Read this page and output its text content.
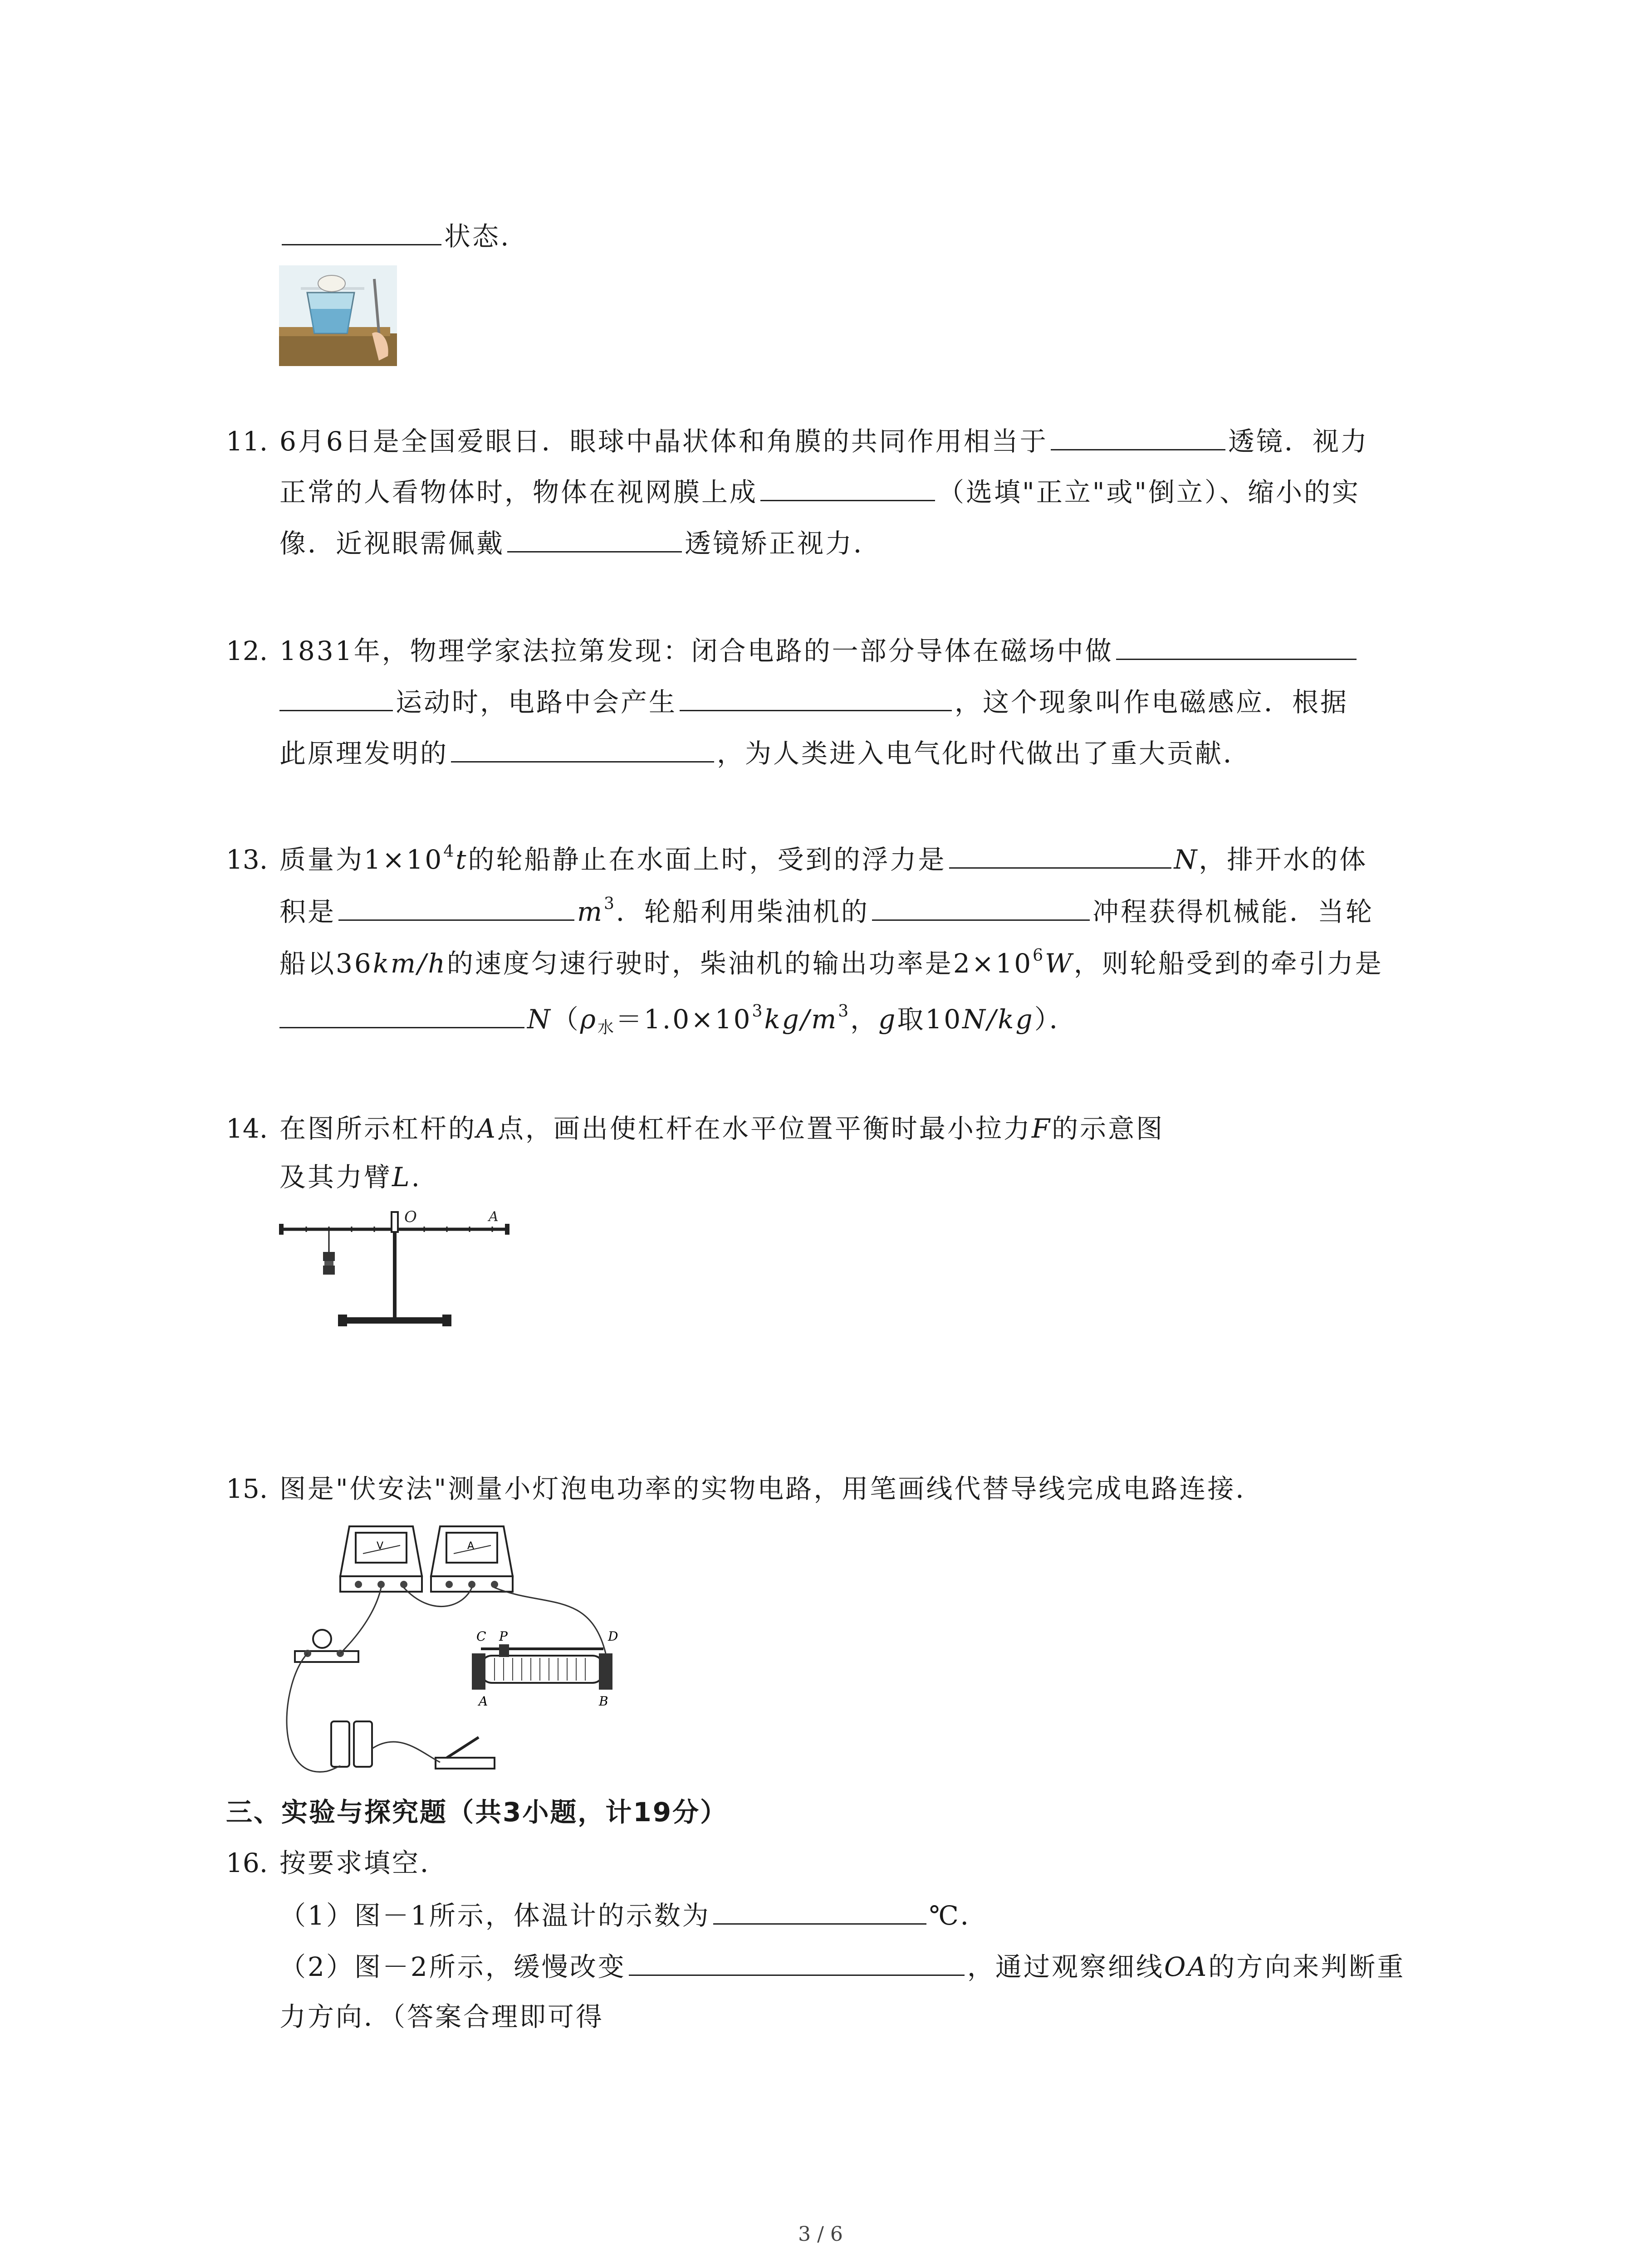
状态.
11. 6月6日是全国爱眼日．眼球中晶状体和角膜的共同作用相当于	透镜．视力
正常的人看物体时，物体在视网膜上成	（选填"正立"或"倒立）、缩小的实
像．近视眼需佩戴	透镜矫正视力．
12. 1831年，物理学家法拉第发现：闭合电路的一部分导体在磁场中做
运动时，电路中会产生	，这个现象叫作电磁感应．根据
此原理发明的	，为人类进入电气化时代做出了重大贡献．
13. 质量为$1\times 10^4t$的轮船静止在水面上时，受到的浮力是	N，排开水的体
积是	$m^3$．轮船利用柴油机的	冲程获得机械能．当轮
船以36km/h的速度匀速行驶时，柴油机的输出功率是$2\times 10^6W$，则轮船受到的牵引力是
$N(\rho_水=1.0\times 10^3kg/m^3$，g取10N/kg）．
14. 在图所示杠杆的A点，画出使杠杆在水平位置平衡时最小拉力F的示意图
及其力臂L.
O	A
15. 图是"伏安法"测量小灯泡电功率的实物电路，用笔画线代替导线完成电路连接．
V	A
C P	D
A	B
三、实验与探究题（共3小题，计19分）
16. 按要求填空．
（1）图－1所示，体温计的示数为	℃．
（2）图－2所示，缓慢改变	，通过观察细线OA的方向来判断重
力方向．（答案合理即可得
3 / 6
